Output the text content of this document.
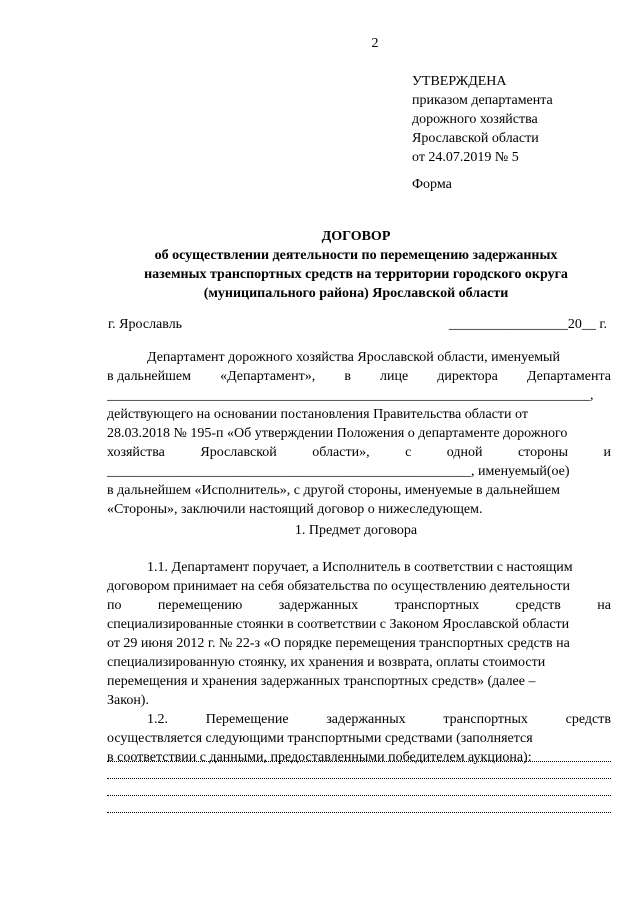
2
УТВЕРЖДЕНА
приказом департамента
дорожного хозяйства
Ярославской области
от 24.07.2019 № 5
Форма
ДОГОВОР
об осуществлении деятельности по перемещению задержанных
наземных транспортных средств на территории городского округа
(муниципального района) Ярославской области
г. Ярославль	_________________20__ г.
Департамент дорожного хозяйства Ярославской области, именуемый
в дальнейшем «Департамент», в лице директора Департамента
_____________________________________________________________________,
действующего на основании постановления Правительства области от
28.03.2018 № 195-п «Об утверждении Положения о департаменте дорожного
хозяйства	Ярославской	области»,	с	одной	стороны	и
____________________________________________________, именуемый(ое)
в дальнейшем «Исполнитель», с другой стороны, именуемые в дальнейшем
«Стороны», заключили настоящий договор о нижеследующем.
1. Предмет договора
1.1. Департамент поручает, а Исполнитель в соответствии с настоящим
договором принимает на себя обязательства по осуществлению деятельности
по	перемещению	задержанных	транспортных	средств	на
специализированные стоянки в соответствии с Законом Ярославской области
от 29 июня 2012 г. № 22-з «О порядке перемещения транспортных средств на
специализированную стоянку, их хранения и возврата, оплаты стоимости
перемещения и хранения задержанных транспортных средств» (далее –
Закон).
1.2.	Перемещение	задержанных	транспортных	средств
осуществляется следующими транспортными средствами (заполняется
в соответствии с данными, предоставленными победителем аукциона):
